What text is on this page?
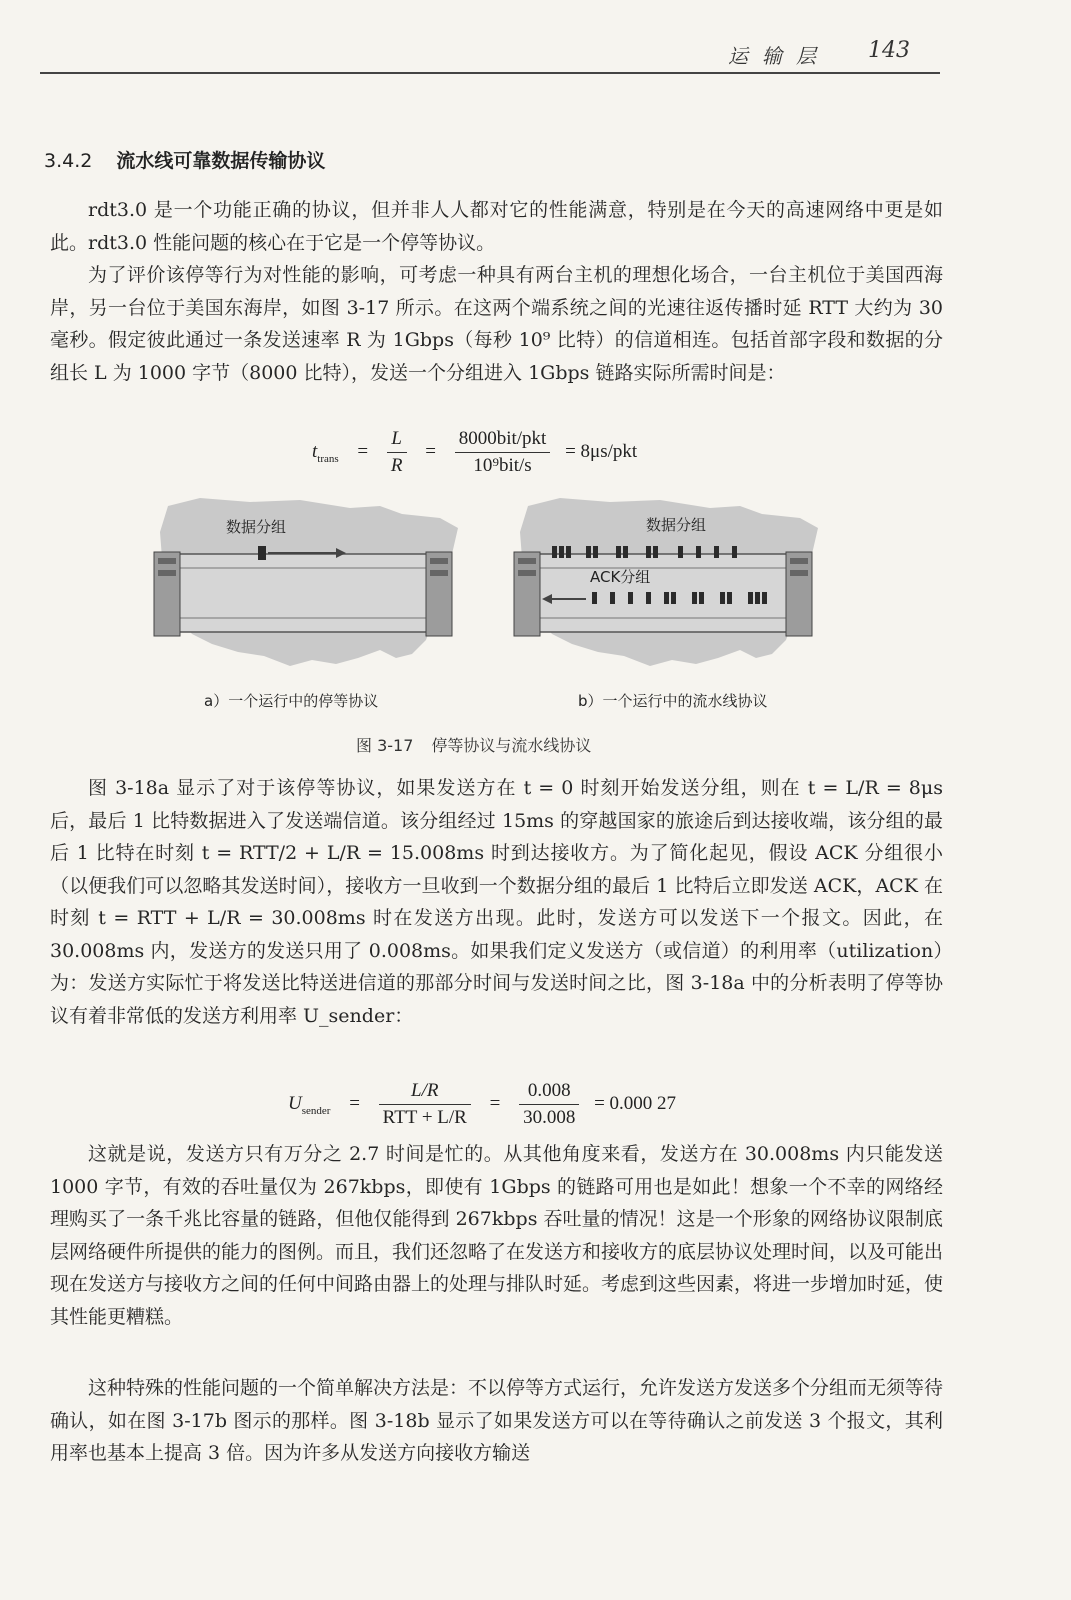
运输层 143
3.4.2 流水线可靠数据传输协议

rdt3.0 是一个功能正确的协议，但并非人人都对它的性能满意，特别是在今天的高速网络中更是如此。rdt3.0 性能问题的核心在于它是一个停等协议。

为了评价该停等行为对性能的影响，可考虑一种具有两台主机的理想化场合，一台主机位于美国西海岸，另一台位于美国东海岸，如图 3-17 所示。在这两个端系统之间的光速往返传播时延 RTT 大约为 30 毫秒。假定彼此通过一条发送速率 R 为 1Gbps（每秒 10⁹ 比特）的信道相连。包括首部字段和数据的分组长 L 为 1000 字节（8000 比特），发送一个分组进入 1Gbps 链路实际所需时间是：

$t_{trans} = \frac{L}{R} = \frac{\text{8000bit/pkt}}{\text{10⁹bit/s}} = 8\mu s/pkt$
数据分组	数据分组
ACK分组
a）一个运行中的停等协议	b）一个运行中的流水线协议
图 3-17 停等协议与流水线协议

图 3-18a 显示了对于该停等协议，如果发送方在 t = 0 时刻开始发送分组，则在 t = L/R = 8μs 后，最后 1 比特数据进入了发送端信道。该分组经过 15ms 的穿越国家的旅途后到达接收端，该分组的最后 1 比特在时刻 t = RTT/2 + L/R = 15.008ms 时到达接收方。为了简化起见，假设 ACK 分组很小（以便我们可以忽略其发送时间），接收方一旦收到一个数据分组的最后 1 比特后立即发送 ACK，ACK 在时刻 t = RTT + L/R = 30.008ms 时在发送方出现。此时，发送方可以发送下一个报文。因此，在 30.008ms 内，发送方的发送只用了 0.008ms。如果我们定义发送方（或信道）的利用率（utilization）为：发送方实际忙于将发送比特送进信道的那部分时间与发送时间之比，图 3-18a 中的分析表明了停等协议有着非常低的发送方利用率 U_sender：

$U_{sender} = \frac{L/R}{\text{RTT + L/R}} = \frac{0.008}{30.008} = 0.000$ 27

这就是说，发送方只有万分之 2.7 时间是忙的。从其他角度来看，发送方在 30.008ms 内只能发送 1000 字节，有效的吞吐量仅为 267kbps，即使有 1Gbps 的链路可用也是如此！想象一个不幸的网络经理购买了一条千兆比容量的链路，但他仅能得到 267kbps 吞吐量的情况！这是一个形象的网络协议限制底层网络硬件所提供的能力的图例。而且，我们还忽略了在发送方和接收方的底层协议处理时间，以及可能出现在发送方与接收方之间的任何中间路由器上的处理与排队时延。考虑到这些因素，将进一步增加时延，使其性能更糟糕。

这种特殊的性能问题的一个简单解决方法是：不以停等方式运行，允许发送方发送多个分组而无须等待确认，如在图 3-17b 图示的那样。图 3-18b 显示了如果发送方可以在等待确认之前发送 3 个报文，其利用率也基本上提高 3 倍。因为许多从发送方向接收方输送
